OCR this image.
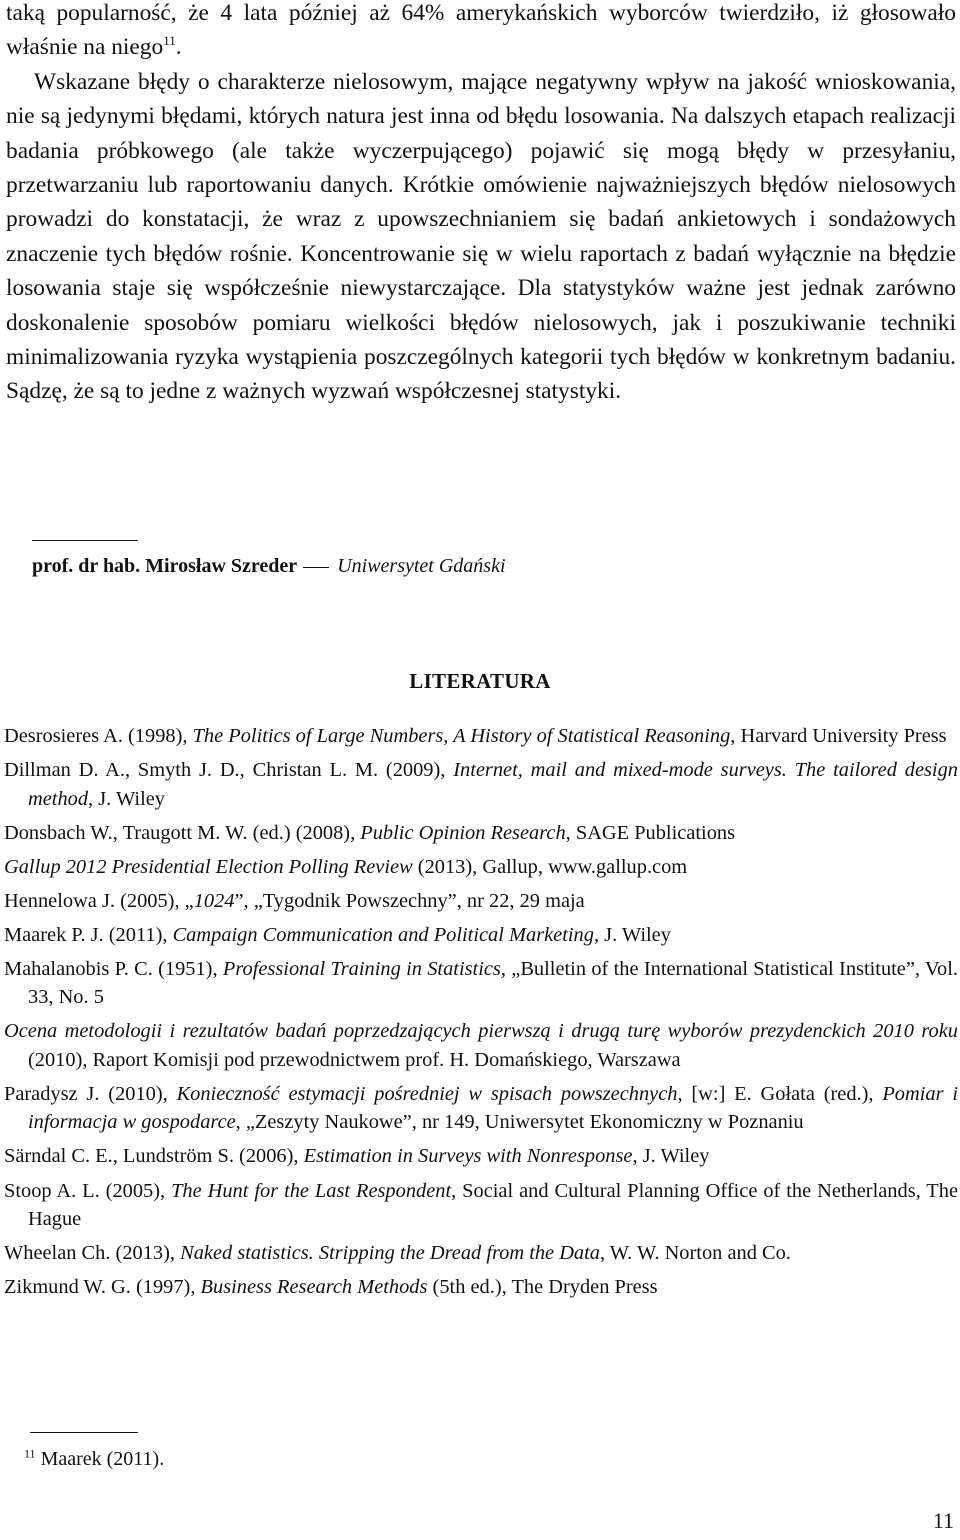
taką popularność, że 4 lata później aż 64% amerykańskich wyborców twierdziło, iż głosowało właśnie na niego$^{11}$.

Wskazane błędy o charakterze nielosowym, mające negatywny wpływ na jakość wnioskowania, nie są jedynymi błędami, których natura jest inna od błędu losowania. Na dalszych etapach realizacji badania próbkowego (ale także wyczerpującego) pojawić się mogą błędy w przesyłaniu, przetwarzaniu lub raportowaniu danych. Krótkie omówienie najważniejszych błędów nielosowych prowadzi do konstatacji, że wraz z upowszechnianiem się badań ankietowych i sondażowych znaczenie tych błędów rośnie. Koncentrowanie się w wielu raportach z badań wyłącznie na błędzie losowania staje się współcześnie niewystarczające. Dla statystyków ważne jest jednak zarówno doskonalenie sposobów pomiaru wielkości błędów nielosowych, jak i poszukiwanie techniki minimalizowania ryzyka wystąpienia poszczególnych kategorii tych błędów w konkretnym badaniu. Sądzę, że są to jedne z ważnych wyzwań współczesnej statystyki.

prof. dr hab. Mirosław Szreder Uniwersytet Gdański
LITERATURA
Desrosieres A. (1998), The Politics of Large Numbers, A History of Statistical Reasoning, Harvard University Press
Dillman D. A., Smyth J. D., Christan L. M. (2009), Internet, mail and mixed-mode surveys. The tailored design method, J. Wiley
Donsbach W., Traugott M. W. (ed.) (2008), Public Opinion Research, SAGE Publications
Gallup 2012 Presidential Election Polling Review (2013), Gallup, www.gallup.com
Hennelowa J. (2005), „1024”, „Tygodnik Powszechny”, nr 22, 29 maja
Maarek P. J. (2011), Campaign Communication and Political Marketing, J. Wiley
Mahalanobis P. C. (1951), Professional Training in Statistics, „Bulletin of the International Statistical Institute”, Vol. 33, No. 5
Ocena metodologii i rezultatów badań poprzedzających pierwszą i drugą turę wyborów prezydenckich 2010 roku (2010), Raport Komisji pod przewodnictwem prof. H. Domańskiego, Warszawa
Paradysz J. (2010), Konieczność estymacji pośredniej w spisach powszechnych, [w:] E. Gołata (red.), Pomiar i informacja w gospodarce, „Zeszyty Naukowe”, nr 149, Uniwersytet Ekonomiczny w Poznaniu
Särndal C. E., Lundström S. (2006), Estimation in Surveys with Nonresponse, J. Wiley
Stoop A. L. (2005), The Hunt for the Last Respondent, Social and Cultural Planning Office of the Netherlands, The Hague
Wheelan Ch. (2013), Naked statistics. Stripping the Dread from the Data, W. W. Norton and Co.
Zikmund W. G. (1997), Business Research Methods (5th ed.), The Dryden Press
$^{11}$ Maarek (2011).
11
